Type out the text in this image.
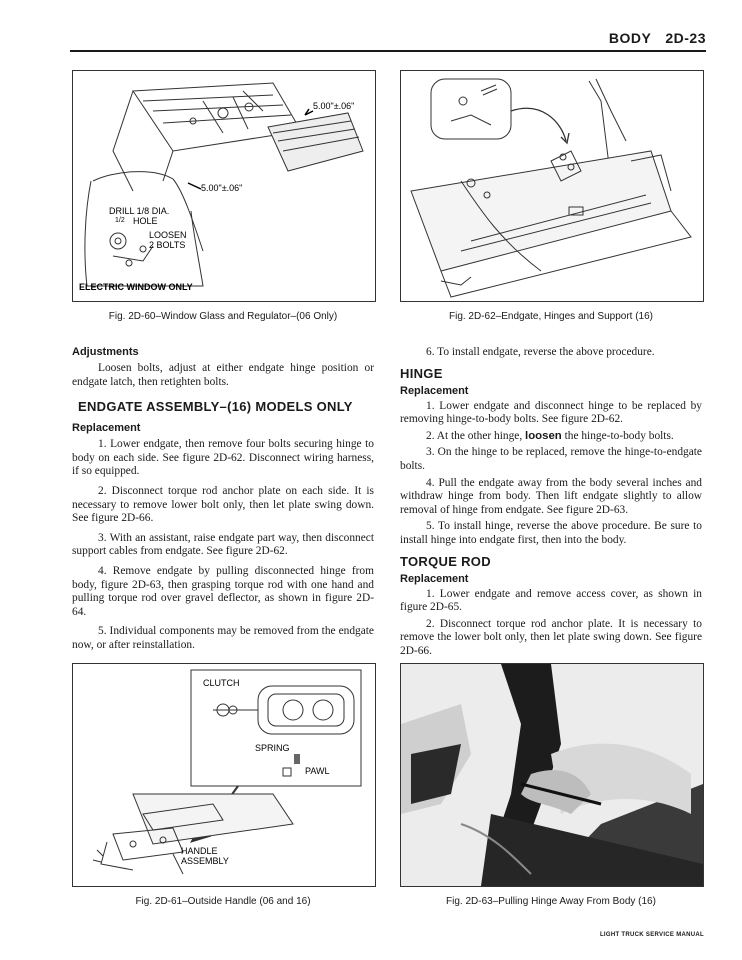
BODY 2D-23
5.00"±.06"
5.00"±.06"
DRILL 1/8 DIA.
1/2 HOLE
LOOSEN
2 BOLTS
ELECTRIC WINDOW ONLY
Fig. 2D-60–Window Glass and Regulator–(06 Only)	Fig. 2D-62–Endgate, Hinges and Support (16)
Adjustments

Loosen bolts, adjust at either endgate hinge position or endgate latch, then retighten bolts.

ENDGATE ASSEMBLY–(16) MODELS ONLY
Replacement

1. Lower endgate, then remove four bolts securing hinge to body on each side. See figure 2D-62. Disconnect wiring harness, if so equipped.

2. Disconnect torque rod anchor plate on each side. It is necessary to remove lower bolt only, then let plate swing down. See figure 2D-66.

3. With an assistant, raise endgate part way, then disconnect support cables from endgate. See figure 2D-62.

4. Remove endgate by pulling disconnected hinge from body, figure 2D-63, then grasping torque rod with one hand and pulling torque rod over gravel deflector, as shown in figure 2D-64.

5. Individual components may be removed from the endgate now, or after reinstallation.

6. To install endgate, reverse the above procedure.

HINGE
Replacement

1. Lower endgate and disconnect hinge to be replaced by removing hinge-to-body bolts. See figure 2D-62.

2. At the other hinge, loosen the hinge-to-body bolts.

3. On the hinge to be replaced, remove the hinge-to-endgate bolts.

4. Pull the endgate away from the body several inches and withdraw hinge from body. Then lift endgate slightly to allow removal of hinge from endgate. See figure 2D-63.

5. To install hinge, reverse the above procedure. Be sure to install hinge into endgate first, then into the body.

TORQUE ROD
Replacement

1. Lower endgate and remove access cover, as shown in figure 2D-65.

2. Disconnect torque rod anchor plate. It is necessary to remove the lower bolt only, then let plate swing down. See figure 2D-66.

CLUTCH
SPRING
PAWL
HANDLE
ASSEMBLY
Fig. 2D-61–Outside Handle (06 and 16)	Fig. 2D-63–Pulling Hinge Away From Body (16)
LIGHT TRUCK SERVICE MANUAL
